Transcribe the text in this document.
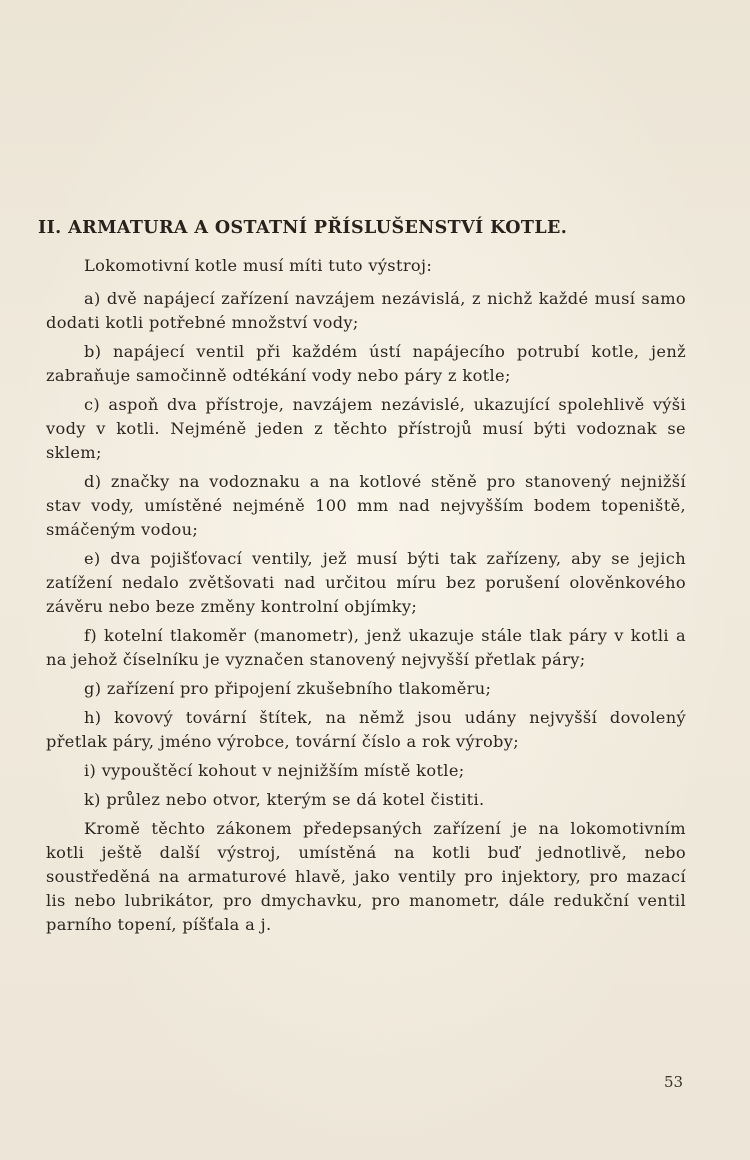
II. ARMATURA A OSTATNÍ PŘÍSLUŠENSTVÍ KOTLE.

Lokomotivní kotle musí míti tuto výstroj:

a) dvě napájecí zařízení navzájem nezávislá, z nichž každé musí samo dodati kotli potřebné množství vody;

b) napájecí ventil při každém ústí napájecího potrubí kotle, jenž zabraňuje samočinně odtékání vody nebo páry z kotle;

c) aspoň dva přístroje, navzájem nezávislé, ukazující spolehlivě výši vody v kotli. Nejméně jeden z těchto přístrojů musí býti vodoznak se sklem;

d) značky na vodoznaku a na kotlové stěně pro stanovený nejnižší stav vody, umístěné nejméně 100 mm nad nejvyšším bodem topeniště, smáčeným vodou;

e) dva pojišťovací ventily, jež musí býti tak zařízeny, aby se jejich zatížení nedalo zvětšovati nad určitou míru bez porušení olověnkového závěru nebo beze změny kontrolní objímky;

f) kotelní tlakoměr (manometr), jenž ukazuje stále tlak páry v kotli a na jehož číselníku je vyznačen stanovený nejvyšší přetlak páry;

g) zařízení pro připojení zkušebního tlakoměru;

h) kovový tovární štítek, na němž jsou udány nejvyšší dovolený přetlak páry, jméno výrobce, tovární číslo a rok výroby;

i) vypouštěcí kohout v nejnižším místě kotle;

k) průlez nebo otvor, kterým se dá kotel čistiti.

Kromě těchto zákonem předepsaných zařízení je na lokomotivním kotli ještě další výstroj, umístěná na kotli buď jednotlivě, nebo soustředěná na armaturové hlavě, jako ventily pro injektory, pro mazací lis nebo lubrikátor, pro dmychavku, pro manometr, dále redukční ventil parního topení, píšťala a j.

53
